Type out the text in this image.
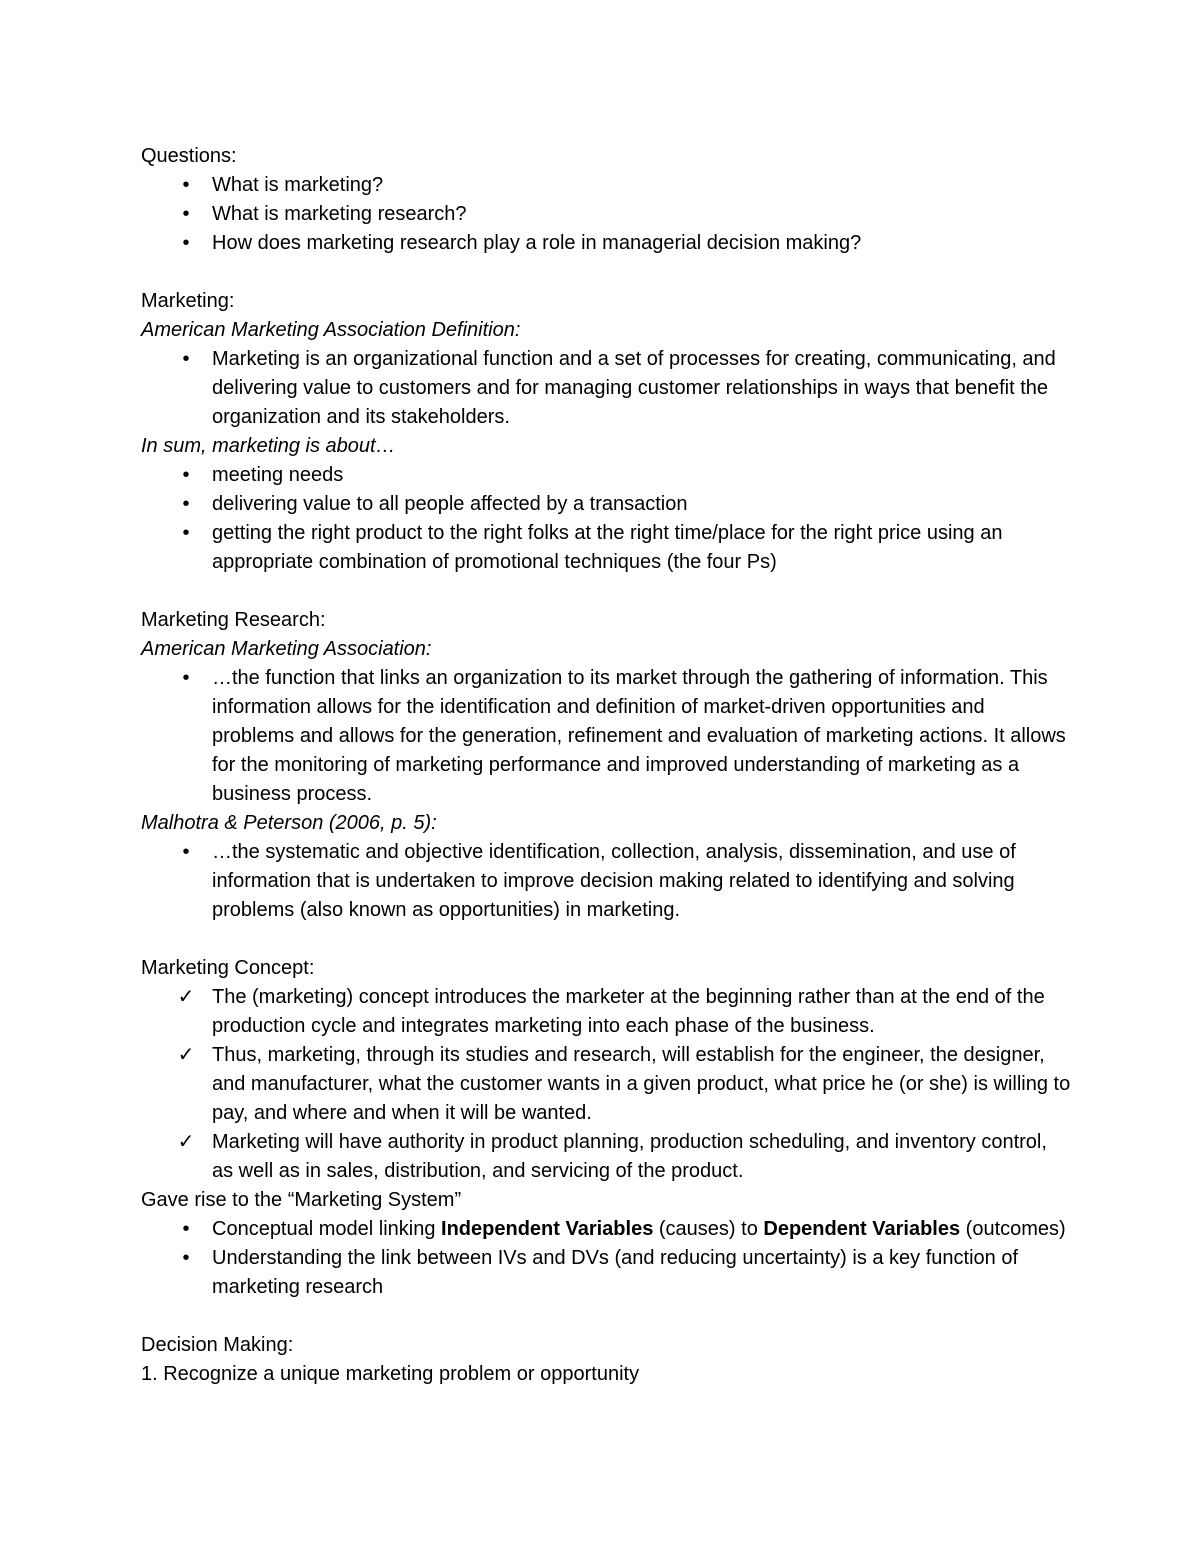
Questions:

•
What is marketing?
•
What is marketing research?
•
How does marketing research play a role in managerial decision making?

Marketing:

American Marketing Association Definition:

•
Marketing is an organizational function and a set of processes for creating, communicating, and delivering value to customers and for managing customer relationships in ways that benefit the organization and its stakeholders.

In sum, marketing is about…

•
meeting needs
•
delivering value to all people affected by a transaction
•
getting the right product to the right folks at the right time/place for the right price using an appropriate combination of promotional techniques (the four Ps)

Marketing Research:

American Marketing Association:

•
…the function that links an organization to its market through the gathering of information. This information allows for the identification and definition of market-driven opportunities and problems and allows for the generation, refinement and evaluation of marketing actions. It allows for the monitoring of marketing performance and improved understanding of marketing as a business process.

Malhotra & Peterson (2006, p. 5):

•
…the systematic and objective identification, collection, analysis, dissemination, and use of information that is undertaken to improve decision making related to identifying and solving problems (also known as opportunities) in marketing.

Marketing Concept:

✓
The (marketing) concept introduces the marketer at the beginning rather than at the end of the production cycle and integrates marketing into each phase of the business.
✓
Thus, marketing, through its studies and research, will establish for the engineer, the designer, and manufacturer, what the customer wants in a given product, what price he (or she) is willing to pay, and where and when it will be wanted.
✓
Marketing will have authority in product planning, production scheduling, and inventory control, as well as in sales, distribution, and servicing of the product.

Gave rise to the “Marketing System”

•
Conceptual model linking Independent Variables (causes) to Dependent Variables (outcomes)
•
Understanding the link between IVs and DVs (and reducing uncertainty) is a key function of marketing research

Decision Making:

1. Recognize a unique marketing problem or opportunity
